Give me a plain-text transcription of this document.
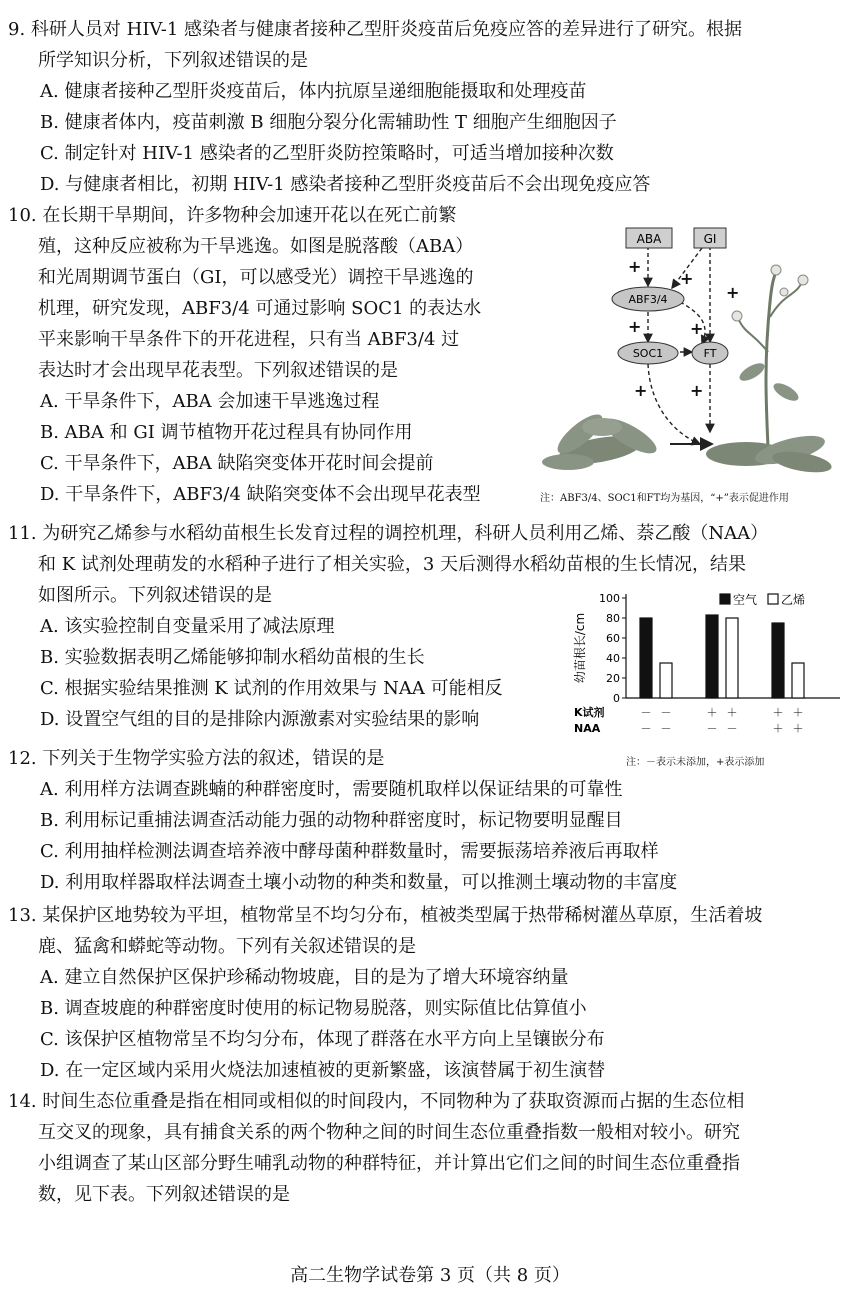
9. 科研人员对 HIV-1 感染者与健康者接种乙型肝炎疫苗后免疫应答的差异进行了研究。根据
所学知识分析，下列叙述错误的是
A. 健康者接种乙型肝炎疫苗后，体内抗原呈递细胞能摄取和处理疫苗
B. 健康者体内，疫苗刺激 B 细胞分裂分化需辅助性 T 细胞产生细胞因子
C. 制定针对 HIV-1 感染者的乙型肝炎防控策略时，可适当增加接种次数
D. 与健康者相比，初期 HIV-1 感染者接种乙型肝炎疫苗后不会出现免疫应答
10. 在长期干旱期间，许多物种会加速开花以在死亡前繁
殖，这种反应被称为干旱逃逸。如图是脱落酸（ABA）
和光周期调节蛋白（GI，可以感受光）调控干旱逃逸的
机理，研究发现，ABF3/4 可通过影响 SOC1 的表达水
平来影响干旱条件下的开花进程，只有当 ABF3/4 过
表达时才会出现早花表型。下列叙述错误的是
A. 干旱条件下，ABA 会加速干旱逃逸过程
B. ABA 和 GI 调节植物开花过程具有协同作用
C. 干旱条件下，ABA 缺陷突变体开花时间会提前
D. 干旱条件下，ABF3/4 缺陷突变体不会出现早花表型
+
+
+
+	+
+	+
ABA	GI
ABF3/4
SOC1	FT
注：ABF3/4、SOC1和FT均为基因，“+”表示促进作用
11. 为研究乙烯参与水稻幼苗根生长发育过程的调控机理，科研人员利用乙烯、萘乙酸（NAA）
和 K 试剂处理萌发的水稻种子进行了相关实验，3 天后测得水稻幼苗根的生长情况，结果
如图所示。下列叙述错误的是
A. 该实验控制自变量采用了减法原理
B. 实验数据表明乙烯能够抑制水稻幼苗根的生长
C. 根据实验结果推测 K 试剂的作用效果与 NAA 可能相反
D. 设置空气组的目的是排除内源激素对实验结果的影响
幼苗根长/cm
0
20
40
60
80
100	空气 乙烯
K试剂	－ －	＋ ＋	＋ ＋
NAA	－ －	－ －	＋ ＋
注：－表示未添加，+表示添加
12. 下列关于生物学实验方法的叙述，错误的是
A. 利用样方法调查跳蝻的种群密度时，需要随机取样以保证结果的可靠性
B. 利用标记重捕法调查活动能力强的动物种群密度时，标记物要明显醒目
C. 利用抽样检测法调查培养液中酵母菌种群数量时，需要振荡培养液后再取样
D. 利用取样器取样法调查土壤小动物的种类和数量，可以推测土壤动物的丰富度
13. 某保护区地势较为平坦，植物常呈不均匀分布，植被类型属于热带稀树灌丛草原，生活着坡
鹿、猛禽和蟒蛇等动物。下列有关叙述错误的是
A. 建立自然保护区保护珍稀动物坡鹿，目的是为了增大环境容纳量
B. 调查坡鹿的种群密度时使用的标记物易脱落，则实际值比估算值小
C. 该保护区植物常呈不均匀分布，体现了群落在水平方向上呈镶嵌分布
D. 在一定区域内采用火烧法加速植被的更新繁盛，该演替属于初生演替
14. 时间生态位重叠是指在相同或相似的时间段内，不同物种为了获取资源而占据的生态位相
互交叉的现象，具有捕食关系的两个物种之间的时间生态位重叠指数一般相对较小。研究
小组调查了某山区部分野生哺乳动物的种群特征，并计算出它们之间的时间生态位重叠指
数，见下表。下列叙述错误的是
高二生物学试卷第 3 页（共 8 页）
